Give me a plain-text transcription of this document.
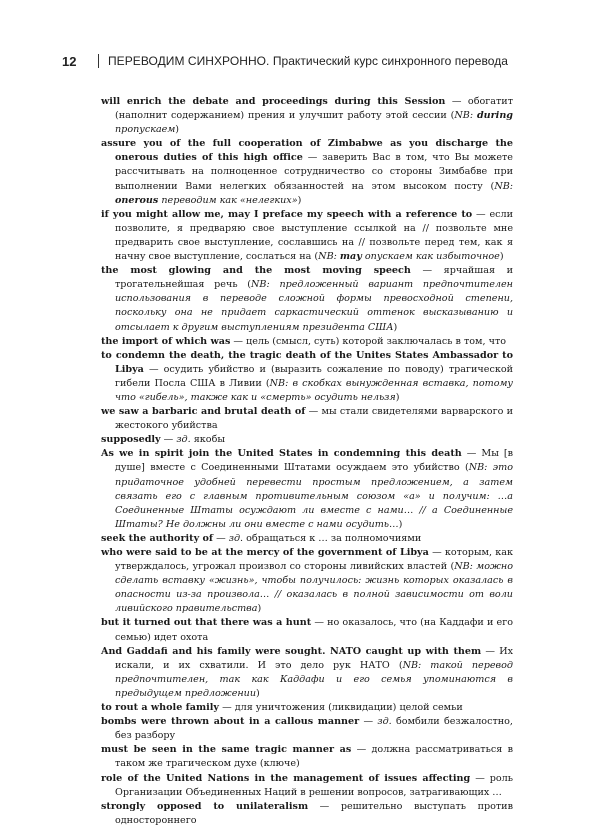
12	ПЕРЕВОДИМ СИНХРОННО. Практический курс синхронного перевода

will enrich the debate and proceedings during this Session — обогатит (наполнит содержанием) прения и улучшит работу этой сессии (NB: during пропускаем)

assure you of the full cooperation of Zimbabwe as you discharge the onerous duties of this high office — заверить Вас в том, что Вы можете рассчитывать на полноценное сотрудничество со стороны Зимбабве при выполнении Вами нелегких обязанностей на этом высоком посту (NB: onerous переводим как «нелегких»)

if you might allow me, may I preface my speech with a reference to — если позволите, я предваряю свое выступление ссылкой на // позвольте мне предварить свое выступление, сославшись на // позвольте перед тем, как я начну свое выступление, сослаться на (NB: may опускаем как избыточное)

the most glowing and the most moving speech — ярчайшая и трогательнейшая речь (NB: предложенный вариант предпочтителен использования в переводе сложной формы превосходной степени, поскольку она не придает саркастический оттенок высказыванию и отсылает к другим выступлениям президента США)

the import of which was — цель (смысл, суть) которой заключалась в том, что

to condemn the death, the tragic death of the Unites States Ambassador to Libya — осудить убийство и (выразить сожаление по поводу) трагической гибели Посла США в Ливии (NB: в скобках вынужденная вставка, потому что «гибель», также как и «смерть» осудить нельзя)

we saw a barbaric and brutal death of — мы стали свидетелями варварского и жестокого убийства

supposedly — зд. якобы

As we in spirit join the United States in condemning this death — Мы [в душе] вместе с Соединенными Штатами осуждаем это убийство (NB: это придаточное удобней перевести простым предложением, а затем связать его с главным противительным союзом «а» и получим: …а Соединенные Штаты осуждают ли вместе с нами… // а Соединенные Штаты? Не должны ли они вместе с нами осудить…)

seek the authority of — зд. обращаться к … за полномочиями

who were said to be at the mercy of the government of Libya — которым, как утверждалось, угрожал произвол со стороны ливийских властей (NB: можно сделать вставку «жизнь», чтобы получилось: жизнь которых оказалась в опасности из-за произвола… // оказалась в полной зависимости от воли ливийского правительства)

but it turned out that there was a hunt — но оказалось, что (на Каддафи и его семью) идет охота

And Gaddafi and his family were sought. NATO caught up with them — Их искали, и их схватили. И это дело рук НАТО (NB: такой перевод предпочтителен, так как Каддафи и его семья упоминаются в предыдущем предложении)

to rout a whole family — для уничтожения (ликвидации) целой семьи

bombs were thrown about in a callous manner — зд. бомбили безжалостно, без разбору

must be seen in the same tragic manner as — должна рассматриваться в таком же трагическом духе (ключе)

role of the United Nations in the management of issues affecting — роль Организации Объединенных Наций в решении вопросов, затрагивающих …

strongly opposed to unilateralism — решительно выступать против одностороннего
